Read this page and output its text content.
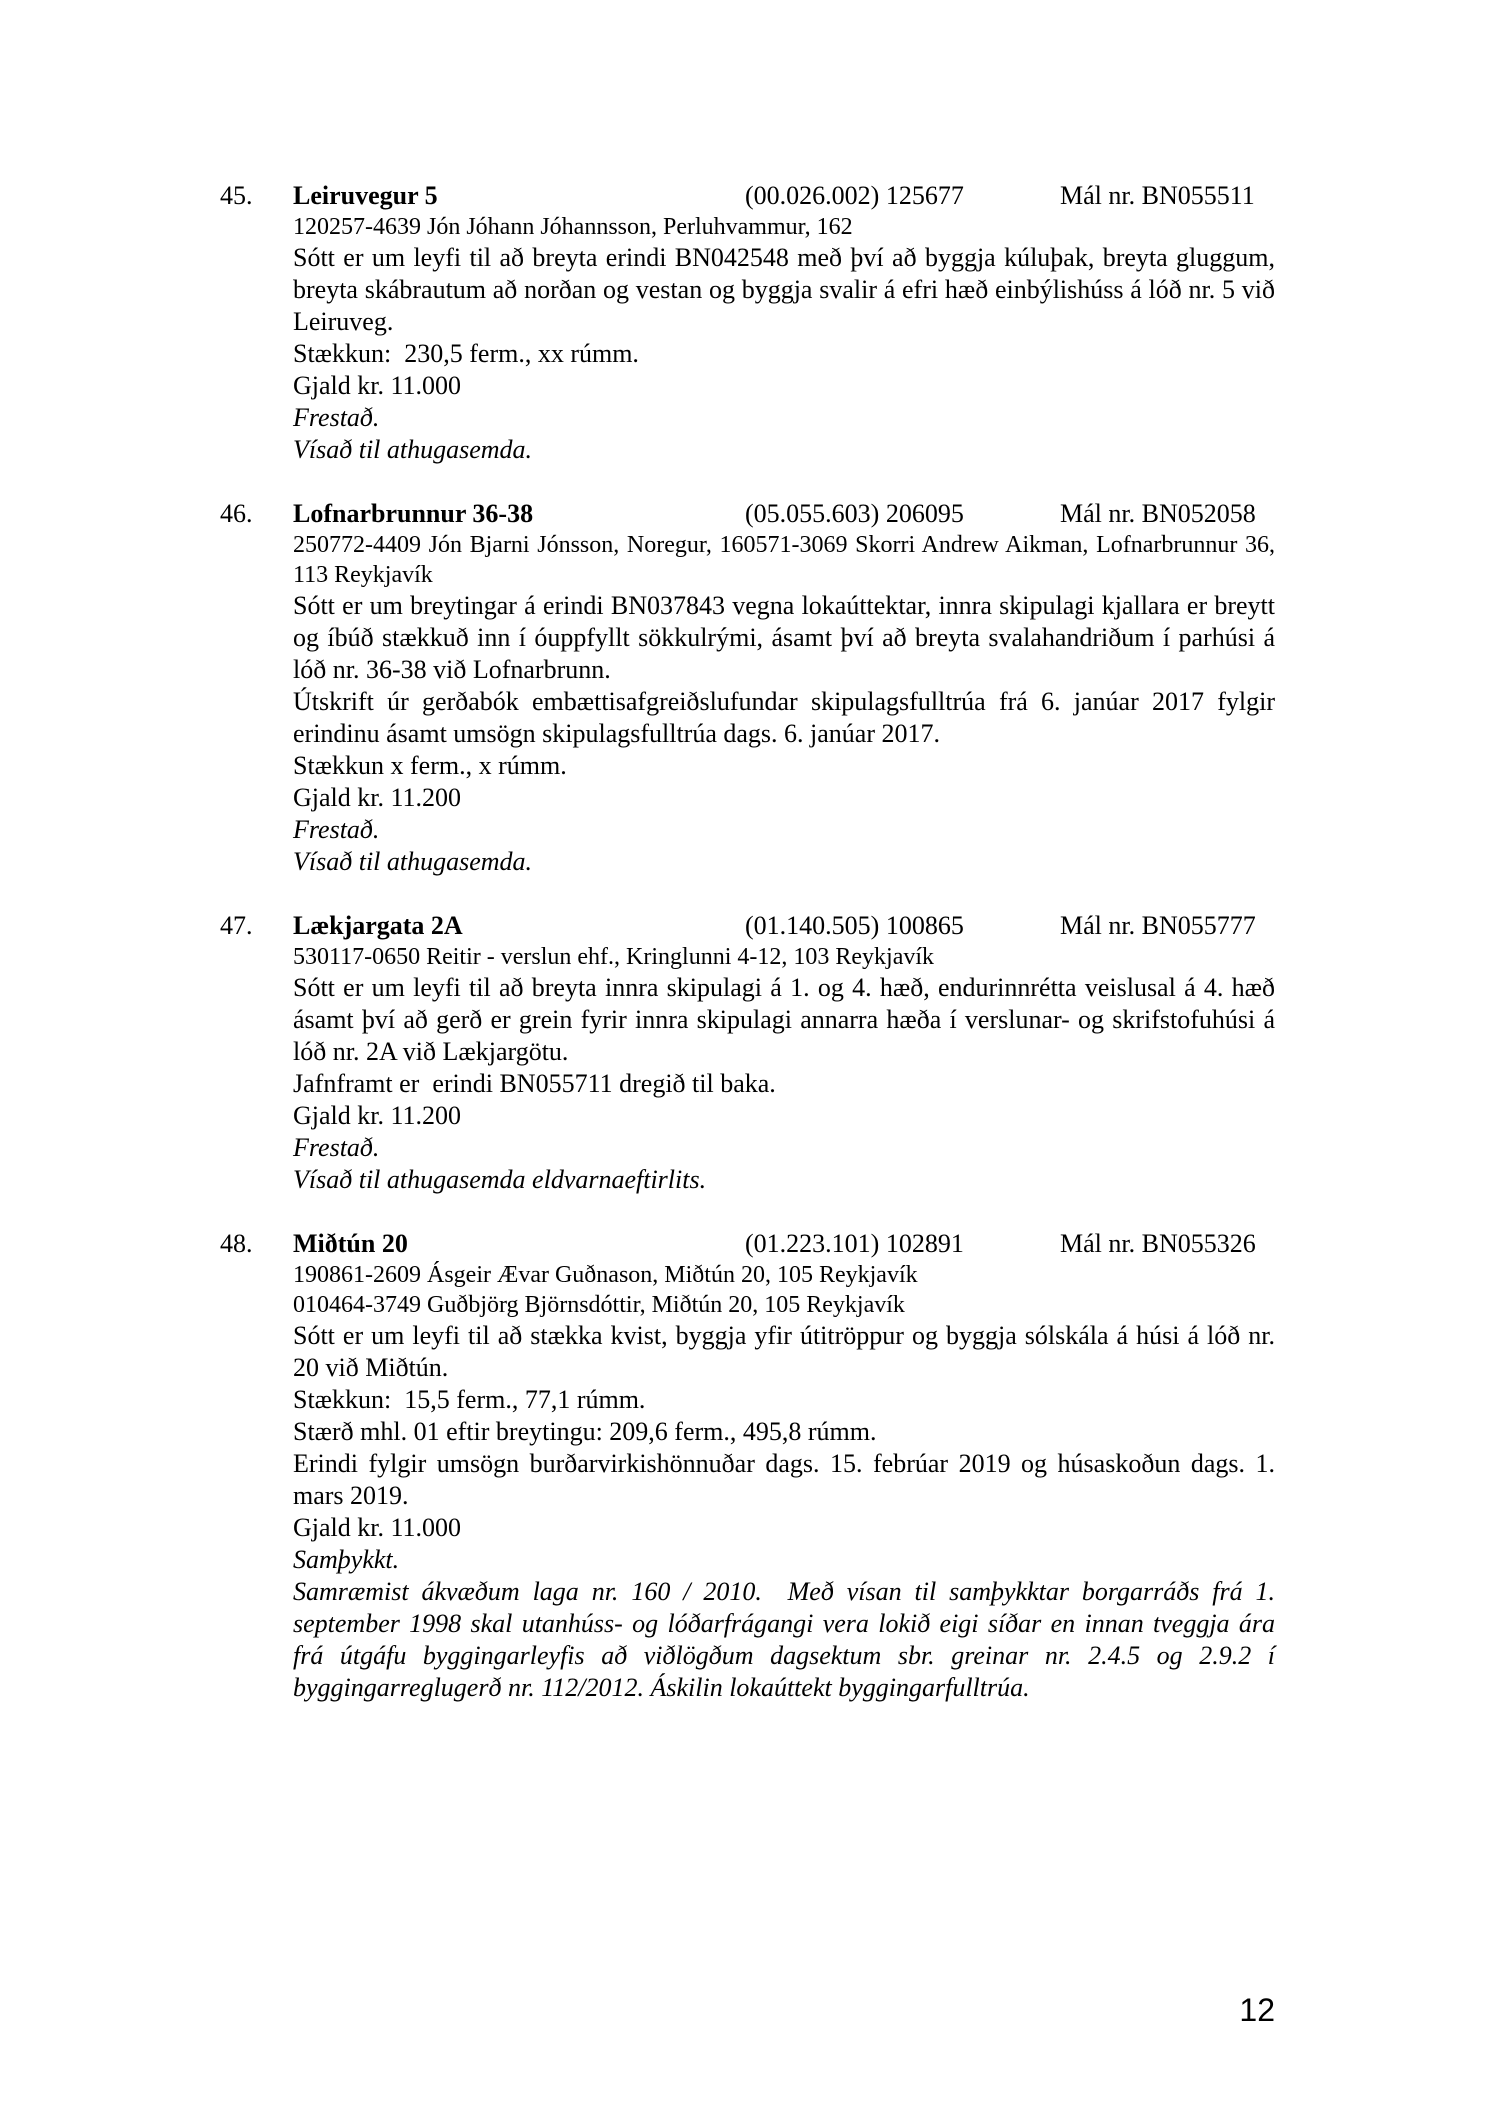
45. Leiruvegur 5	(00.026.002) 125677	Mál nr. BN055511

120257-4639 Jón Jóhann Jóhannsson, Perluhvammur, 162

Sótt er um leyfi til að breyta erindi BN042548 með því að byggja kúluþak, breyta gluggum, breyta skábrautum að norðan og vestan og byggja svalir á efri hæð einbýlishúss á lóð nr. 5 við Leiruveg.

Stækkun:  230,5 ferm., xx rúmm.

Gjald kr. 11.000

Frestað.

Vísað til athugasemda.

46. Lofnarbrunnur 36-38	(05.055.603) 206095	Mál nr. BN052058

250772-4409 Jón Bjarni Jónsson, Noregur, 160571-3069 Skorri Andrew Aikman, Lofnarbrunnur 36, 113 Reykjavík

Sótt er um breytingar á erindi BN037843 vegna lokaúttektar, innra skipulagi kjallara er breytt og íbúð stækkuð inn í óuppfyllt sökkulrými, ásamt því að breyta svalahandriðum í parhúsi á lóð nr. 36-38 við Lofnarbrunn.

Útskrift úr gerðabók embættisafgreiðslufundar skipulagsfulltrúa frá 6. janúar 2017 fylgir erindinu ásamt umsögn skipulagsfulltrúa dags. 6. janúar 2017.

Stækkun x ferm., x rúmm.

Gjald kr. 11.200

Frestað.

Vísað til athugasemda.

47. Lækjargata 2A	(01.140.505) 100865	Mál nr. BN055777

530117-0650 Reitir - verslun ehf., Kringlunni 4-12, 103 Reykjavík

Sótt er um leyfi til að breyta innra skipulagi á 1. og 4. hæð, endurinnrétta veislusal á 4. hæð ásamt því að gerð er grein fyrir innra skipulagi annarra hæða í verslunar- og skrifstofuhúsi á lóð nr. 2A við Lækjargötu.

Jafnframt er  erindi BN055711 dregið til baka.

Gjald kr. 11.200

Frestað.

Vísað til athugasemda eldvarnaeftirlits.

48. Miðtún 20	(01.223.101) 102891	Mál nr. BN055326

190861-2609 Ásgeir Ævar Guðnason, Miðtún 20, 105 Reykjavík

010464-3749 Guðbjörg Björnsdóttir, Miðtún 20, 105 Reykjavík

Sótt er um leyfi til að stækka kvist, byggja yfir útitröppur og byggja sólskála á húsi á lóð nr. 20 við Miðtún.

Stækkun:  15,5 ferm., 77,1 rúmm.

Stærð mhl. 01 eftir breytingu: 209,6 ferm., 495,8 rúmm.

Erindi fylgir umsögn burðarvirkishönnuðar dags. 15. febrúar 2019 og húsaskoðun dags. 1. mars 2019.

Gjald kr. 11.000

Samþykkt.

Samræmist ákvæðum laga nr. 160 / 2010.  Með vísan til samþykktar borgarráðs frá 1. september 1998 skal utanhúss- og lóðarfrágangi vera lokið eigi síðar en innan tveggja ára frá útgáfu byggingarleyfis að viðlögðum dagsektum sbr. greinar nr. 2.4.5 og 2.9.2 í byggingarreglugerð nr. 112/2012. Áskilin lokaúttekt byggingarfulltrúa.

12
